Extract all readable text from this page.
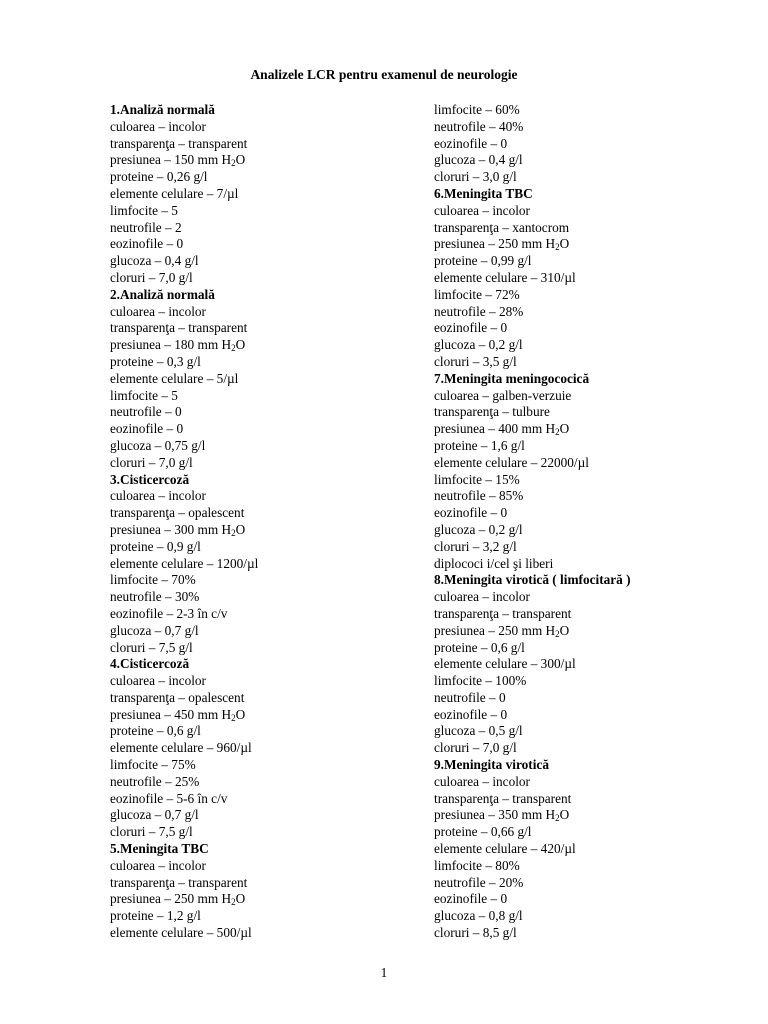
Analizele LCR pentru examenul de neurologie
1.Analiză normală
culoarea – incolor
transparenţa – transparent
presiunea – 150 mm $H_2O$
proteine – 0,26 g/l
elemente celulare – 7/µl
limfocite – 5
neutrofile – 2
eozinofile – 0
glucoza – 0,4 g/l
cloruri – 7,0 g/l
2.Analiză normală
culoarea – incolor
transparenţa – transparent
presiunea – 180 mm $H_2O$
proteine – 0,3 g/l
elemente celulare – 5/µl
limfocite – 5
neutrofile – 0
eozinofile – 0
glucoza – 0,75 g/l
cloruri – 7,0 g/l
3.Cisticercoză
culoarea – incolor
transparenţa – opalescent
presiunea – 300 mm $H_2O$
proteine – 0,9 g/l
elemente celulare – 1200/µl
limfocite – 70%
neutrofile – 30%
eozinofile – 2-3 în c/v
glucoza – 0,7 g/l
cloruri – 7,5 g/l
4.Cisticercoză
culoarea – incolor
transparenţa – opalescent
presiunea – 450 mm $H_2O$
proteine – 0,6 g/l
elemente celulare – 960/µl
limfocite – 75%
neutrofile – 25%
eozinofile – 5-6 în c/v
glucoza – 0,7 g/l
cloruri – 7,5 g/l
5.Meningita TBC
culoarea – incolor
transparenţa – transparent
presiunea – 250 mm $H_2O$
proteine – 1,2 g/l
elemente celulare – 500/µl
limfocite – 60%
neutrofile – 40%
eozinofile – 0
glucoza – 0,4 g/l
cloruri – 3,0 g/l
6.Meningita TBC
culoarea – incolor
transparenţa – xantocrom
presiunea – 250 mm $H_2O$
proteine – 0,99 g/l
elemente celulare – 310/µl
limfocite – 72%
neutrofile – 28%
eozinofile – 0
glucoza – 0,2 g/l
cloruri – 3,5 g/l
7.Meningita meningococică
culoarea – galben-verzuie
transparenţa – tulbure
presiunea – 400 mm $H_2O$
proteine – 1,6 g/l
elemente celulare – 22000/µl
limfocite – 15%
neutrofile – 85%
eozinofile – 0
glucoza – 0,2 g/l
cloruri – 3,2 g/l
diplococi i/cel şi liberi
8.Meningita virotică ( limfocitară )
culoarea – incolor
transparenţa – transparent
presiunea – 250 mm $H_2O$
proteine – 0,6 g/l
elemente celulare – 300/µl
limfocite – 100%
neutrofile – 0
eozinofile – 0
glucoza – 0,5 g/l
cloruri – 7,0 g/l
9.Meningita virotică
culoarea – incolor
transparenţa – transparent
presiunea – 350 mm $H_2O$
proteine – 0,66 g/l
elemente celulare – 420/µl
limfocite – 80%
neutrofile – 20%
eozinofile – 0
glucoza – 0,8 g/l
cloruri – 8,5 g/l
1
